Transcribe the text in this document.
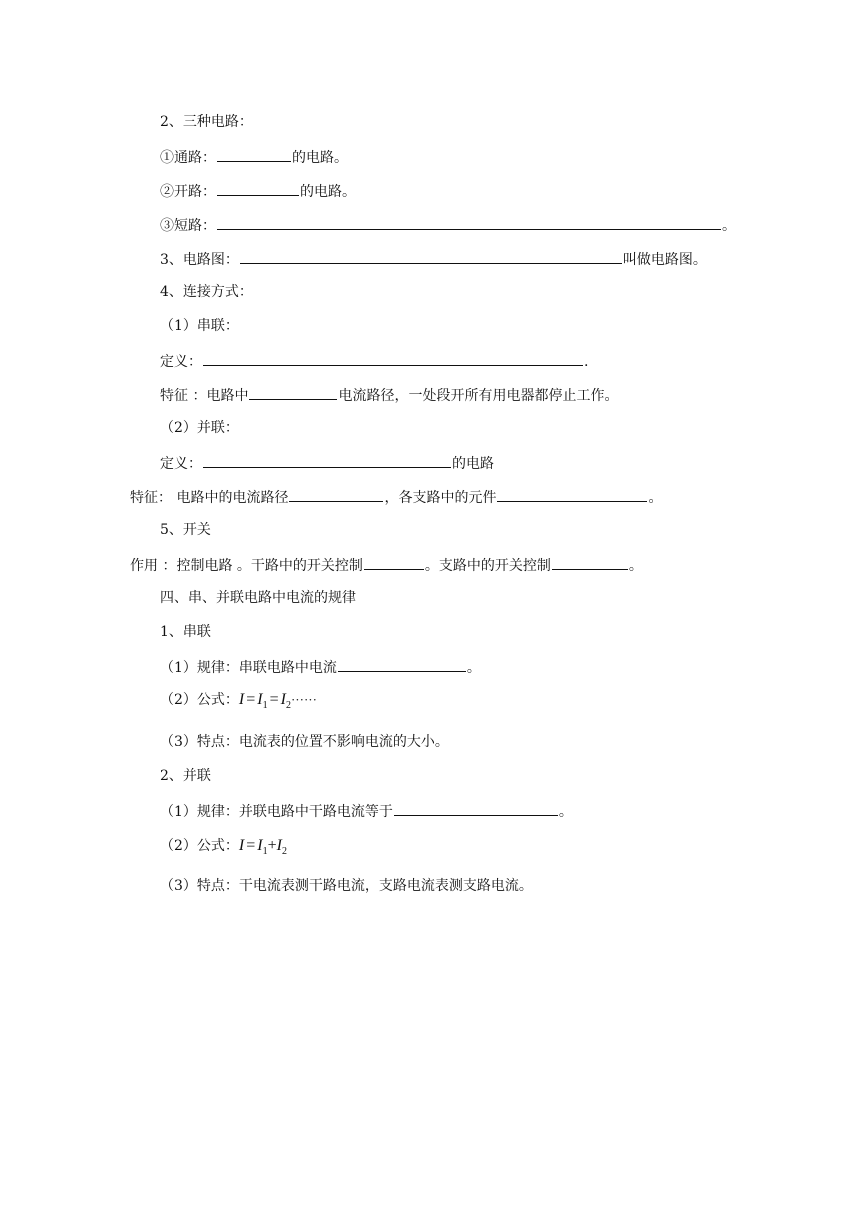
2、三种电路：
①通路：	的电路。
②开路：	的电路。
③短路：	。
3、电路图：	叫做电路图。
4、连接方式：
（1）串联：
定义：	.
特征 ：电路中	电流路径，一处段开所有用电器都停止工作。
（2）并联：
定义：	的电路
特征： 电路中的电流路径	，各支路中的元件	。
5、开关
作用 ：控制电路 。干路中的开关控制	。支路中的开关控制	。
四、串、并联电路中电流的规律
1、串联
（1）规律：串联电路中电流	。
（2）公式：$I = I_1 = I_2\cdot\cdot\cdot\cdot\cdot\cdot$
（3）特点：电流表的位置不影响电流的大小。
2、并联
（1）规律：并联电路中干路电流等于	。
（2）公式：$I = I_1+I_2$
（3）特点：干电流表测干路电流，支路电流表测支路电流。
